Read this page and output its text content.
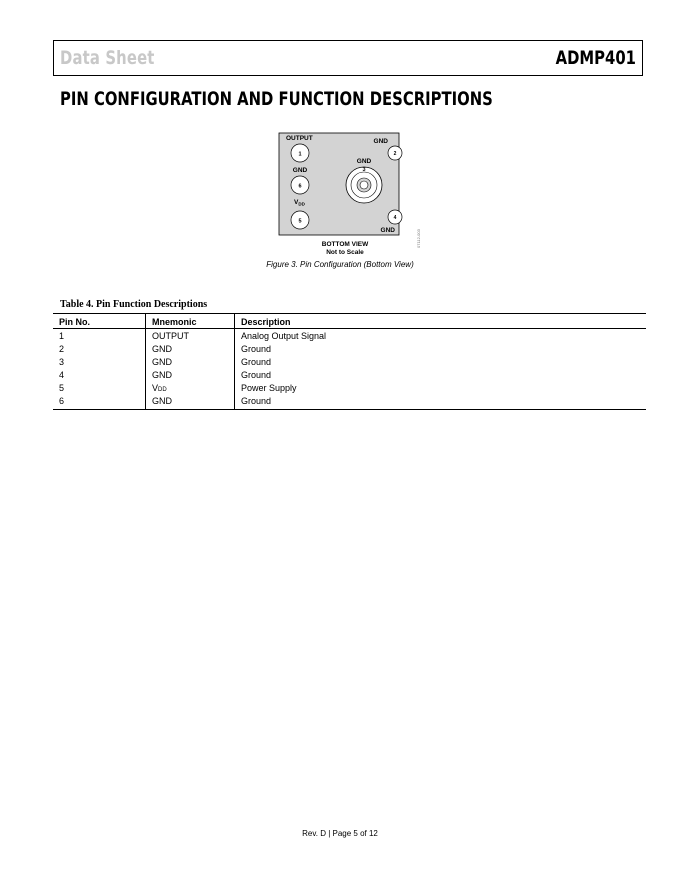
Data Sheet	ADMP401
PIN CONFIGURATION AND FUNCTION DESCRIPTIONS
OUTPUT	GND
GND
GND
$V_{DD}$
GND
BOTTOM VIEW
Not to Scale
07112-003
1	2
6
5
4
3
Figure 3. Pin Configuration (Bottom View)
Table 4. Pin Function Descriptions
Pin No.	Mnemonic	Description
1	OUTPUT	Analog Output Signal
2	GND	Ground
3	GND	Ground
4	GND	Ground
5	VDD	Power Supply
6	GND	Ground
Rev. D | Page 5 of 12
